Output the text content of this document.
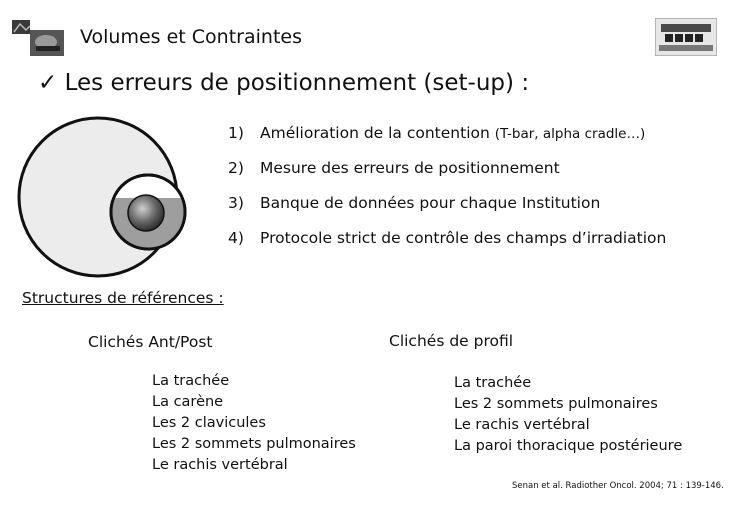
Volumes et Contraintes
✓ Les erreurs de positionnement (set-up) :
1) Amélioration de la contention (T-bar, alpha cradle…)
2) Mesure des erreurs de positionnement
3) Banque de données pour chaque Institution
4) Protocole strict de contrôle des champs d’irradiation
Structures de références :
Clichés Ant/Post
La trachée
La carène
Les 2 clavicules
Les 2 sommets pulmonaires
Le rachis vertébral
Clichés de profil
La trachée
Les 2 sommets pulmonaires
Le rachis vertébral
La paroi thoracique postérieure
Senan et al. Radiother Oncol. 2004; 71 : 139-146.
